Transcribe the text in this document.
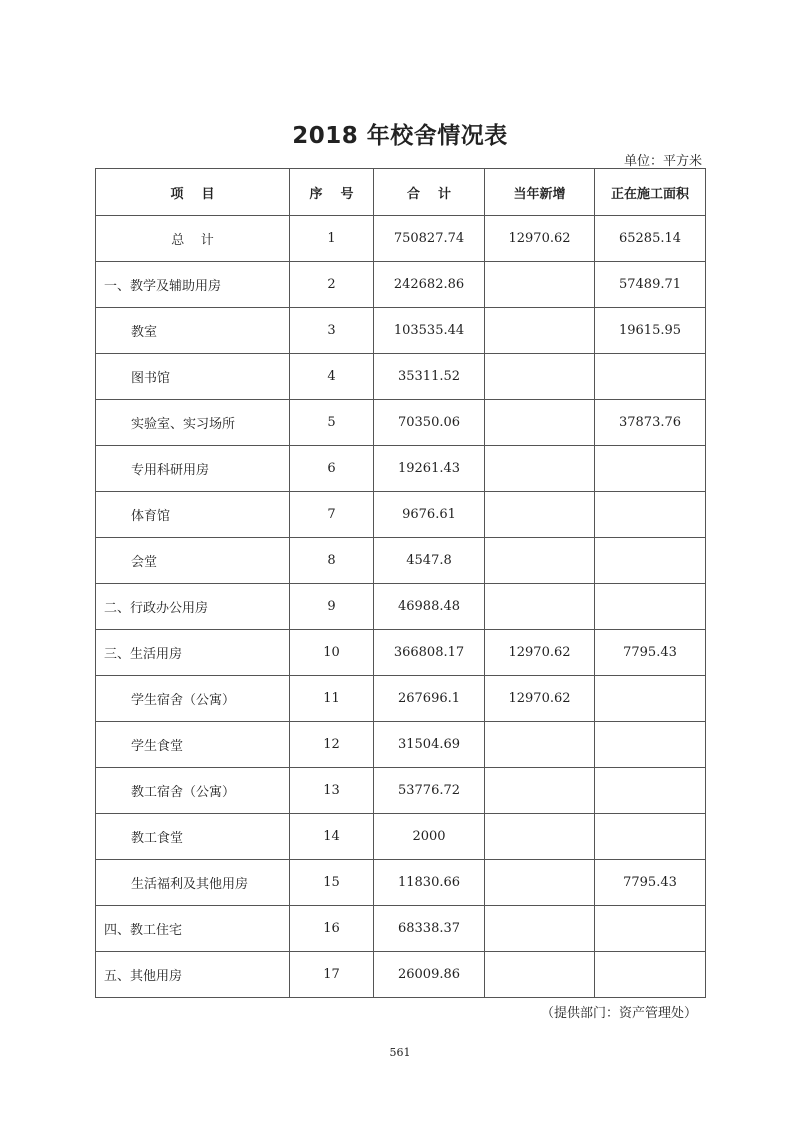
2018 年校舍情况表
单位：平方米
项    目	序    号	合    计	当年新增	正在施工面积
总    计	1	750827.74	12970.62	65285.14
一、教学及辅助用房	2	242682.86		57489.71
教室	3	103535.44		19615.95
图书馆	4	35311.52		
实验室、实习场所	5	70350.06		37873.76
专用科研用房	6	19261.43		
体育馆	7	9676.61		
会堂	8	4547.8		
二、行政办公用房	9	46988.48		
三、生活用房	10	366808.17	12970.62	7795.43
学生宿舍（公寓）	11	267696.1	12970.62	
学生食堂	12	31504.69		
教工宿舍（公寓）	13	53776.72		
教工食堂	14	2000		
生活福利及其他用房	15	11830.66		7795.43
四、教工住宅	16	68338.37		
五、其他用房	17	26009.86		
（提供部门：资产管理处）
561
